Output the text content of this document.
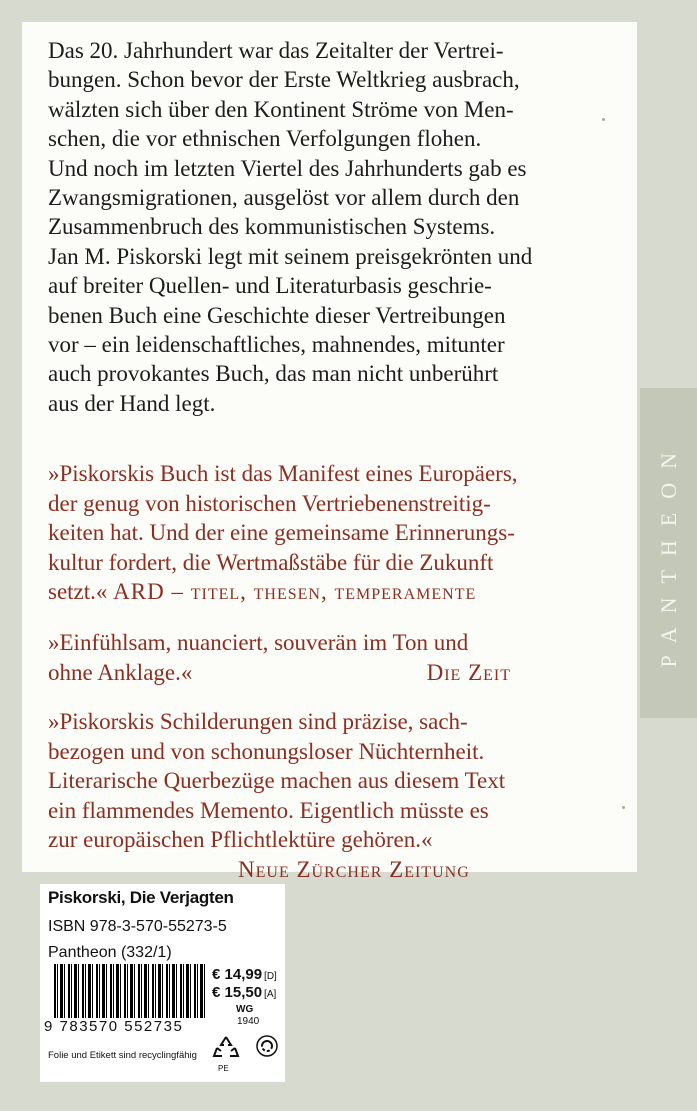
Das 20. Jahrhundert war das Zeitalter der Vertrei-

bungen. Schon bevor der Erste Weltkrieg ausbrach,

wälzten sich über den Kontinent Ströme von Men-

schen, die vor ethnischen Verfolgungen flohen.

Und noch im letzten Viertel des Jahrhunderts gab es

Zwangsmigrationen, ausgelöst vor allem durch den

Zusammenbruch des kommunistischen Systems.

Jan M. Piskorski legt mit seinem preisgekrönten und

auf breiter Quellen- und Literaturbasis geschrie-

benen Buch eine Geschichte dieser Vertreibungen

vor – ein leidenschaftliches, mahnendes, mitunter

auch provokantes Buch, das man nicht unberührt

aus der Hand legt.

»Piskorskis Buch ist das Manifest eines Europäers,

der genug von historischen Vertriebenenstreitig-

keiten hat. Und der eine gemeinsame Erinnerungs-

kultur fordert, die Wertmaßstäbe für die Zukunft

setzt.« ARD – titel, thesen, temperamente

»Einfühlsam, nuanciert, souverän im Ton und

ohne Anklage.«	Die Zeit

»Piskorskis Schilderungen sind präzise, sach-

bezogen und von schonungsloser Nüchternheit.

Literarische Querbezüge machen aus diesem Text

ein flammendes Memento. Eigentlich müsste es

zur europäischen Pflichtlektüre gehören.«

Neue Zürcher Zeitung

PANTHEON
Piskorski, Die Verjagten
ISBN 978-3-570-55273-5
Pantheon (332/1)
9 783570 552735
€ 14,99 [D]
€ 15,50 [A]
WG
1940
PE
Folie und Etikett sind recyclingfähig
